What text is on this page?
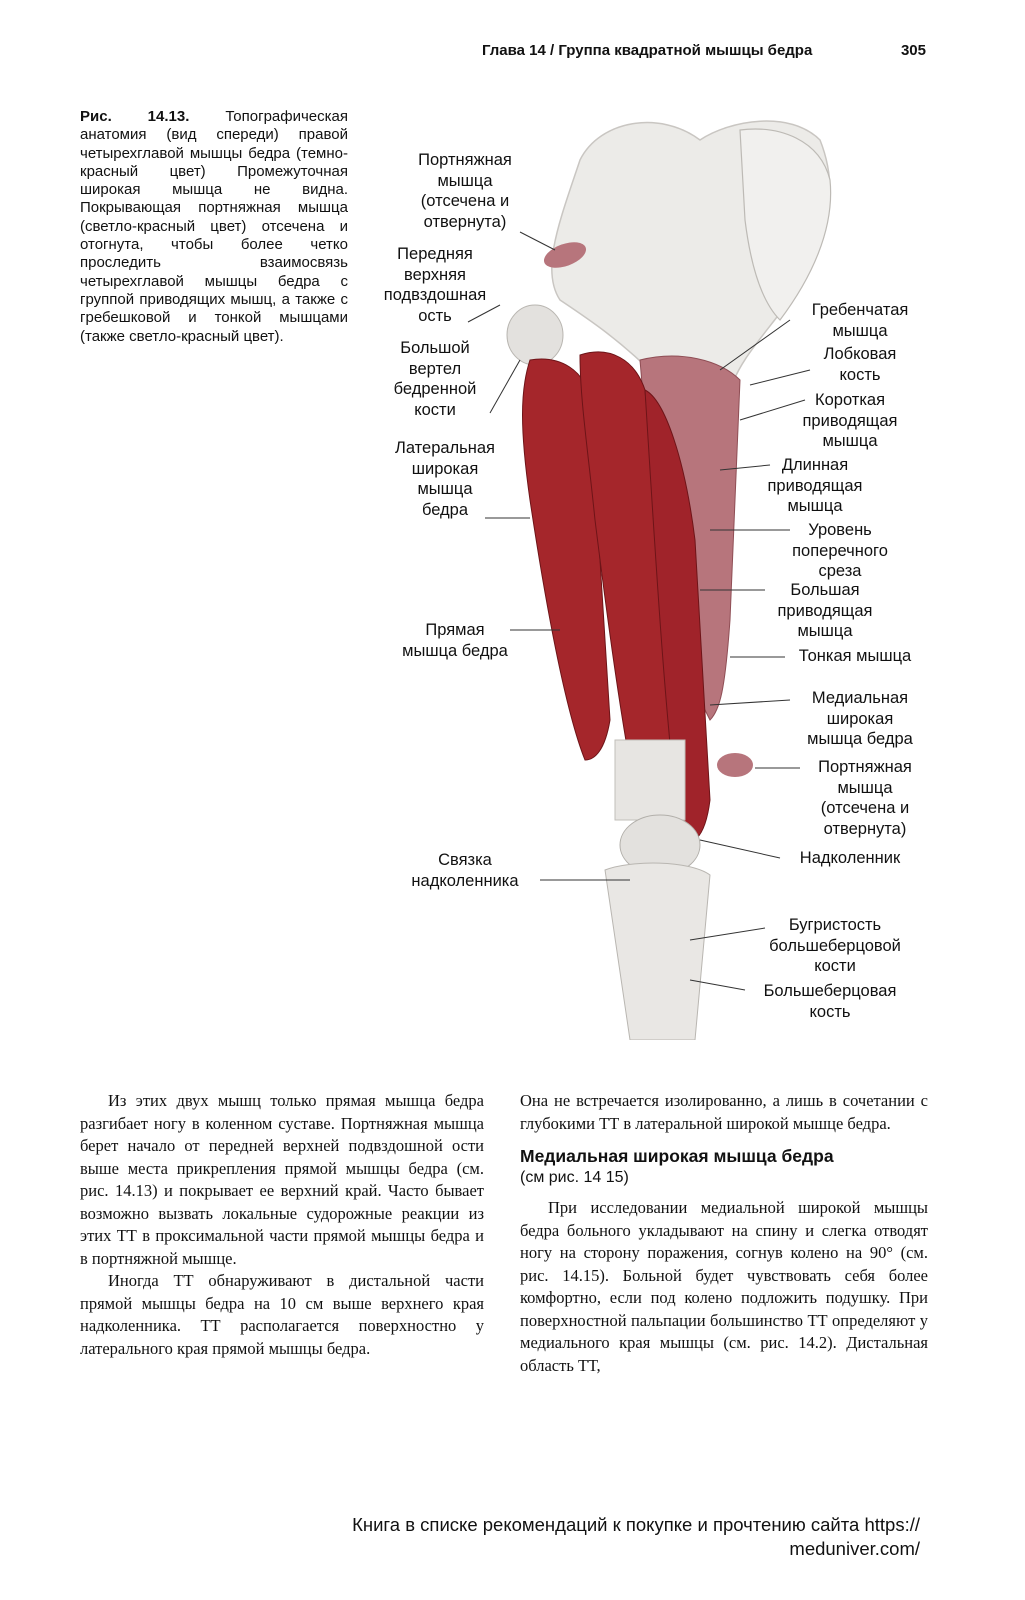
Глава 14 / Группа квадратной мышцы бедра	305
Рис. 14.13. Топографическая анатомия (вид спереди) правой четырехглавой мышцы бедра (темно-красный цвет) Промежуточная широкая мышца не видна. Покрывающая портняжная мышца (светло-красный цвет) отсечена и отогнута, чтобы более четко проследить взаимосвязь четырехглавой мышцы бедра с группой приводящих мышц, а также с гребешковой и тонкой мышцами (также светло-красный цвет).
Портняжная
мышца
(отсечена и
отвернута)
Передняя
верхняя
подвздошная
ость
Большой
вертел
бедренной
кости
Латеральная
широкая
мышца
бедра
Прямая
мышца бедра
Связка
надколенника
Гребенчатая
мышца
Лобковая
кость
Короткая
приводящая
мышца
Длинная
приводящая
мышца
Уровень
поперечного
среза
Большая
приводящая
мышца
Тонкая мышца
Медиальная
широкая
мышца бедра
Портняжная
мышца
(отсечена и
отвернута)
Надколенник
Бугристость
большеберцовой
кости
Большеберцовая
кость

Из этих двух мышц только прямая мышца бедра разгибает ногу в коленном суставе. Портняжная мышца берет начало от передней верхней подвздошной ости выше места прикрепления прямой мышцы бедра (см. рис. 14.13) и покрывает ее верхний край. Часто бывает возможно вызвать локальные судорожные реакции из этих ТТ в проксимальной части прямой мышцы бедра и в портняжной мышце.

Иногда ТТ обнаруживают в дистальной части прямой мышцы бедра на 10 см выше верхнего края надколенника. ТТ располагается поверхностно у латерального края прямой мышцы бедра.

Она не встречается изолированно, а лишь в сочетании с глубокими ТТ в латеральной широкой мышце бедра.

Медиальная широкая мышца бедра
(см рис. 14 15)

При исследовании медиальной широкой мышцы бедра больного укладывают на спину и слегка отводят ногу на сторону поражения, согнув колено на 90° (см. рис. 14.15). Больной будет чувствовать себя более комфортно, если под колено подложить подушку. При поверхностной пальпации большинство ТТ определяют у медиального края мышцы (см. рис. 14.2). Дистальная область ТТ,

Книга в списке рекомендаций к покупке и прочтению сайта https://
meduniver.com/
